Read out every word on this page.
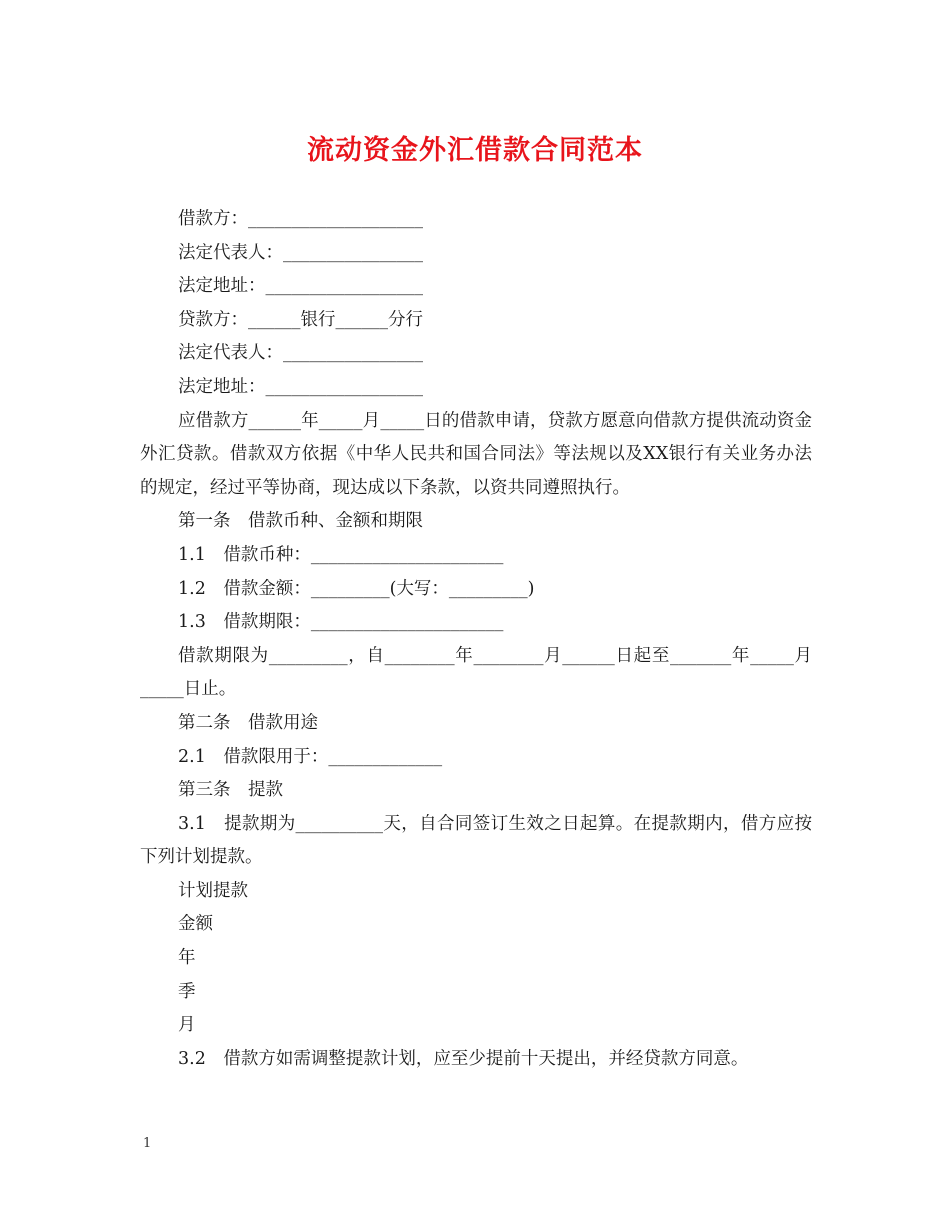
流动资金外汇借款合同范本
借款方：____________________
法定代表人：________________
法定地址：__________________
贷款方：______银行______分行
法定代表人：________________
法定地址：__________________
应借款方______年_____月_____日的借款申请，贷款方愿意向借款方提供流动资金外汇贷款。借款双方依据《中华人民共和国合同法》等法规以及XX银行有关业务办法的规定，经过平等协商，现达成以下条款，以资共同遵照执行。
第一条　借款币种、金额和期限
1.1　借款币种：______________________
1.2　借款金额：_________(大写：_________)
1.3　借款期限：______________________
借款期限为_________，自________年________月______日起至_______年_____月_____日止。
第二条　借款用途
2.1　借款限用于：_____________
第三条　提款
3.1　提款期为__________天，自合同签订生效之日起算。在提款期内，借方应按下列计划提款。
计划提款
金额
年
季
月
3.2　借款方如需调整提款计划，应至少提前十天提出，并经贷款方同意。
1
